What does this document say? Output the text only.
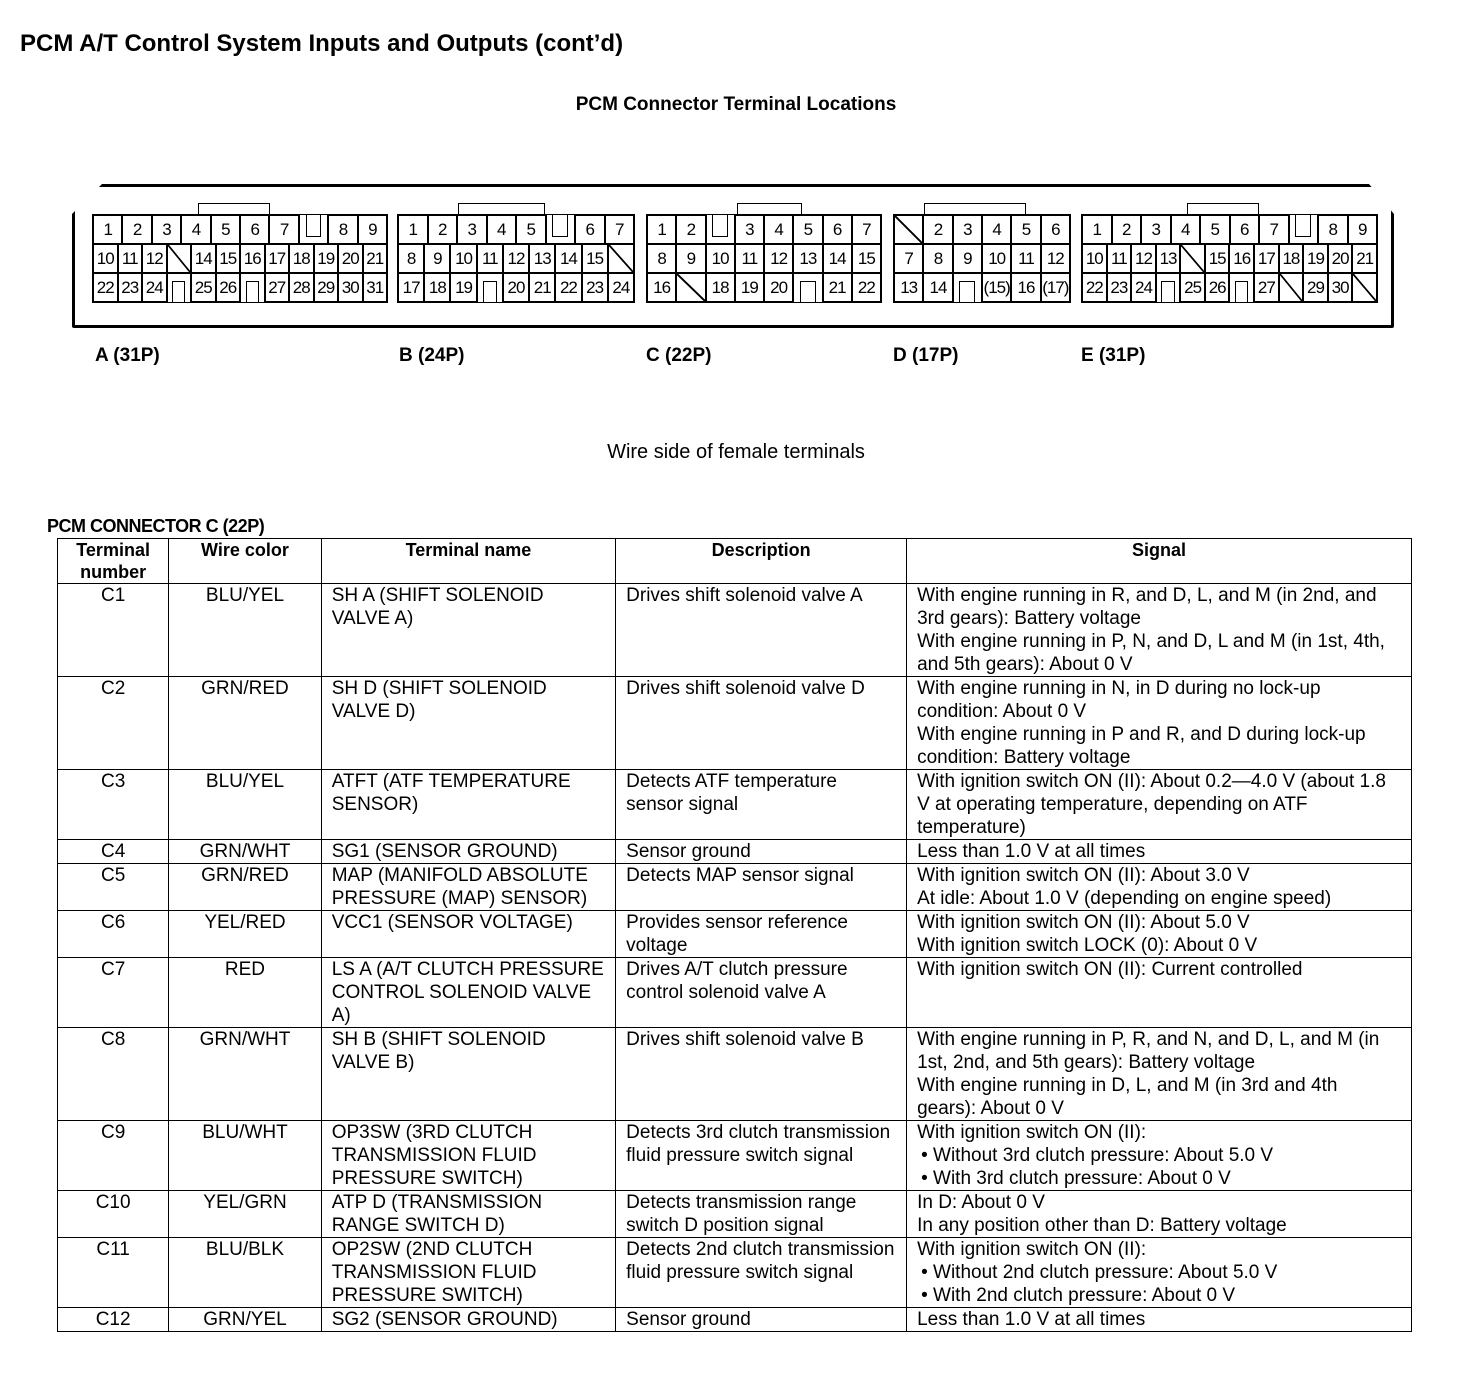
PCM A/T Control System Inputs and Outputs (cont’d)
PCM Connector Terminal Locations
1	2	3	4	5	6	7	8	9
10 11 12 14 15 16 17 18 19 20 21
22 23 24 25 26 27 28 29 30 31
A (31P)
1	2	3	4	5	6	7
8	9 10 11 12 13 14 15
17 18 19 20 21 22 23 24
B (24P)
1	2	3	4	5	6	7
8	9 10 11 12 13 14 15
16	18 19 20	21 22
C (22P)
2	3	4	5	6
7	8	9 10 11 12
13 14	(15) 16 (17)
D (17P)
1	2	3	4	5	6	7	8	9
10 11 12 13 15 16 17 18 19 20 21
22 23 24 25 26 27 29 30
E (31P)
Wire side of female terminals
PCM CONNECTOR C (22P)
Terminal number	Wire color	Terminal name	Description	Signal
C1	BLU/YEL	SH A (SHIFT SOLENOID VALVE A)	Drives shift solenoid valve A	With engine running in R, and D, L, and M (in 2nd, and 3rd gears): Battery voltage
With engine running in P, N, and D, L and M (in 1st, 4th, and 5th gears): About 0 V

C2	GRN/RED	SH D (SHIFT SOLENOID VALVE D)	Drives shift solenoid valve D	With engine running in N, in D during no lock-up condition: About 0 V
With engine running in P and R, and D during lock-up condition: Battery voltage

C3	BLU/YEL	ATFT (ATF TEMPERATURE SENSOR)	Detects ATF temperature sensor signal	With ignition switch ON (II): About 0.2—4.0 V (about 1.8 V at operating temperature, depending on ATF temperature)

C4	GRN/WHT	SG1 (SENSOR GROUND)	Sensor ground	Less than 1.0 V at all times

C5	GRN/RED	MAP (MANIFOLD ABSOLUTE PRESSURE (MAP) SENSOR)	Detects MAP sensor signal	With ignition switch ON (II): About 3.0 V
At idle: About 1.0 V (depending on engine speed)

C6	YEL/RED	VCC1 (SENSOR VOLTAGE)	Provides sensor reference voltage	With ignition switch ON (II): About 5.0 V
With ignition switch LOCK (0): About 0 V

C7	RED	LS A (A/T CLUTCH PRESSURE CONTROL SOLENOID VALVE A)	Drives A/T clutch pressure control solenoid valve A	With ignition switch ON (II): Current controlled

C8	GRN/WHT	SH B (SHIFT SOLENOID VALVE B)	Drives shift solenoid valve B	With engine running in P, R, and N, and D, L, and M (in 1st, 2nd, and 5th gears): Battery voltage
With engine running in D, L, and M (in 3rd and 4th gears): About 0 V

C9	BLU/WHT	OP3SW (3RD CLUTCH TRANSMISSION FLUID PRESSURE SWITCH)	Detects 3rd clutch transmission fluid pressure switch signal	With ignition switch ON (II):
• Without 3rd clutch pressure: About 5.0 V
• With 3rd clutch pressure: About 0 V

C10	YEL/GRN	ATP D (TRANSMISSION RANGE SWITCH D)	Detects transmission range switch D position signal	In D: About 0 V
In any position other than D: Battery voltage

C11	BLU/BLK	OP2SW (2ND CLUTCH TRANSMISSION FLUID PRESSURE SWITCH)	Detects 2nd clutch transmission fluid pressure switch signal	With ignition switch ON (II):
• Without 2nd clutch pressure: About 5.0 V
• With 2nd clutch pressure: About 0 V

C12	GRN/YEL	SG2 (SENSOR GROUND)	Sensor ground	Less than 1.0 V at all times
